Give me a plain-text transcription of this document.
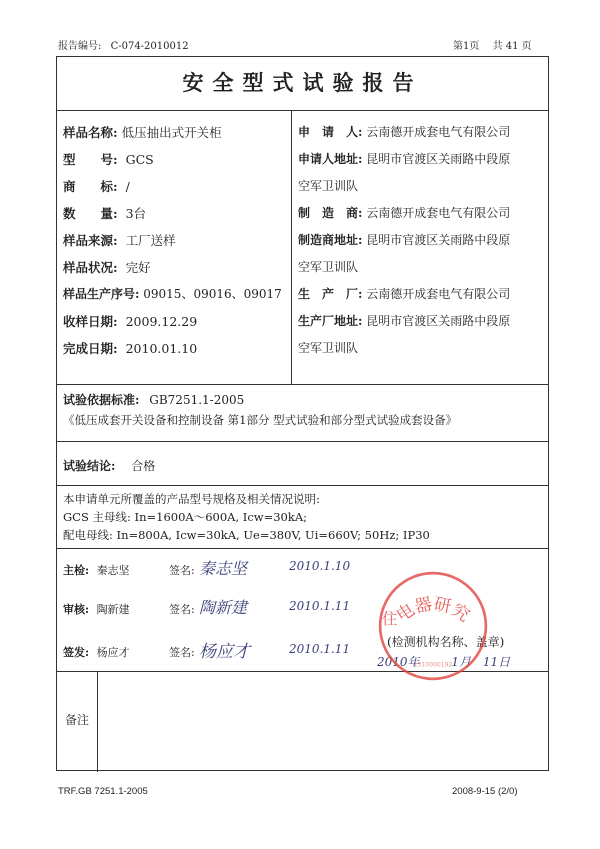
报告编号: C-074-2010012	第1页 共 41 页
安全型式试验报告
样品名称: 低压抽出式开关柜
型　　号: GCS
商　　标: /
数　　量: 3台
样品来源: 工厂送样
样品状况: 完好
样品生产序号: 09015、09016、09017
收样日期: 2009.12.29
完成日期: 2010.01.10
申　请　人: 云南德开成套电气有限公司
申请人地址: 昆明市官渡区关雨路中段原
空军卫训队
制　造　商: 云南德开成套电气有限公司
制造商地址: 昆明市官渡区关雨路中段原
空军卫训队
生　产　厂: 云南德开成套电气有限公司
生产厂地址: 昆明市官渡区关雨路中段原
空军卫训队
试验依据标准: GB7251.1-2005
《低压成套开关设备和控制设备 第1部分 型式试验和部分型式试验成套设备》
试验结论: 合格
本申请单元所覆盖的产品型号规格及相关情况说明:
GCS 主母线: In=1600A～600A, Icw=30kA;
配电母线: In=800A, Icw=30kA, Ue=380V, Ui=660V; 50Hz; IP30
主检: 秦志坚	签名: 秦志坚	2010.1.10
审核: 陶新建	签名: 陶新建	2010.1.11
签发: 杨应才	签名: 杨应才	2010.1.11	(检测机构名称、盖章)
2010年	1月 11日
备注
电器研究
住
1310000192
TRF.GB 7251.1-2005	2008-9-15 (2/0)
